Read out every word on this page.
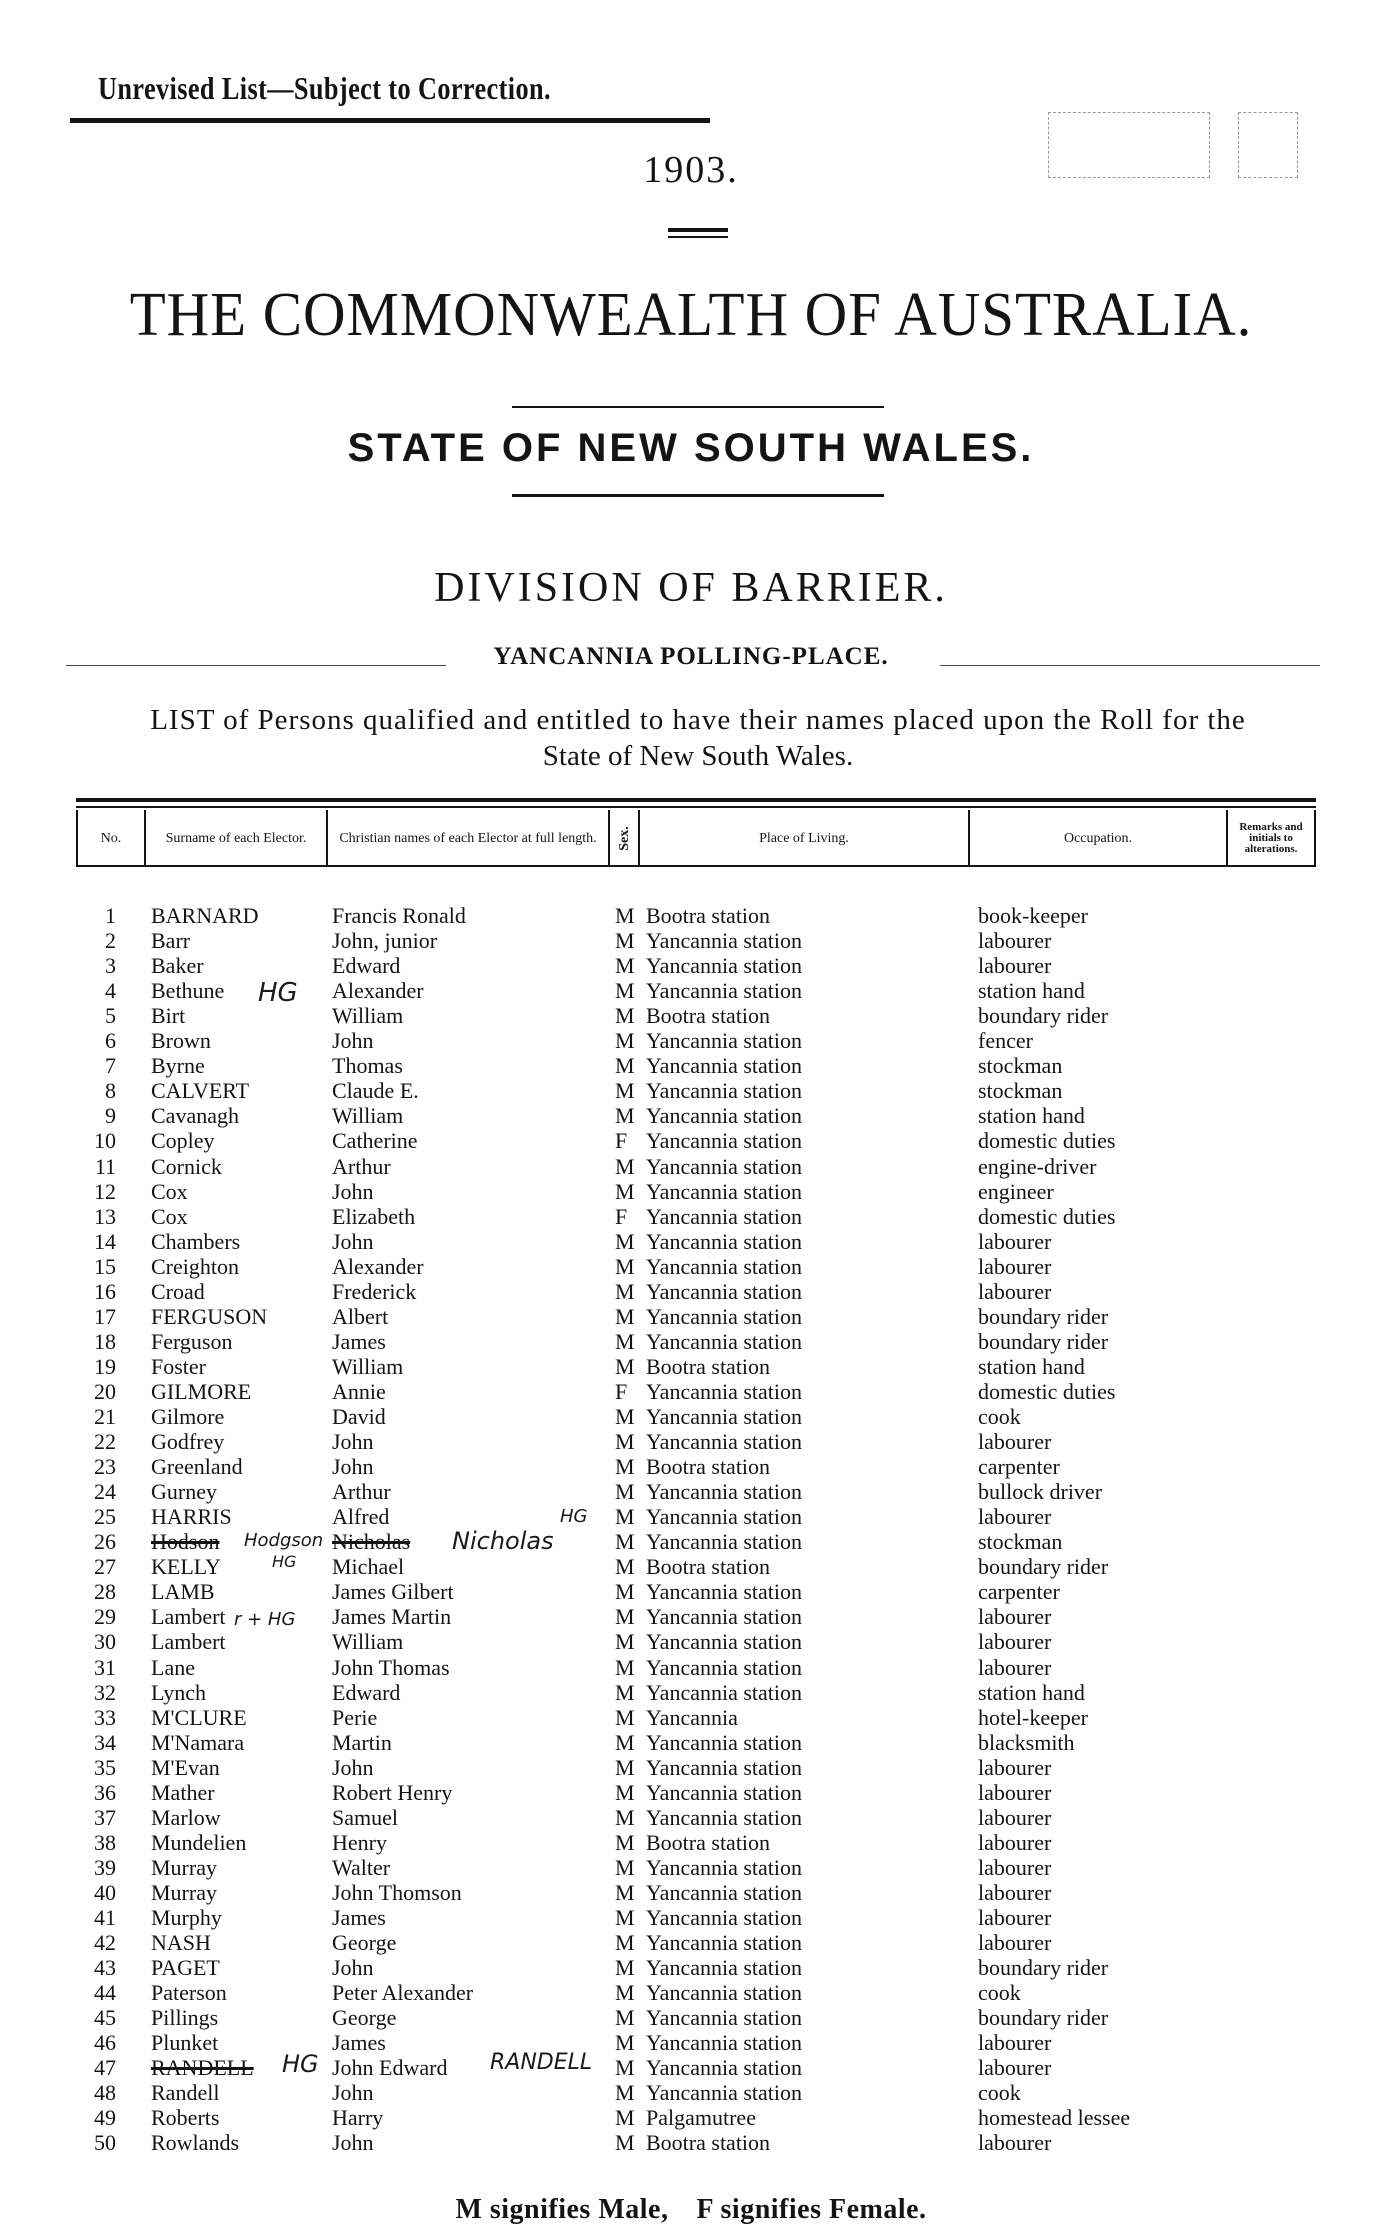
Unrevised List—Subject to Correction.
1903.
THE COMMONWEALTH OF AUSTRALIA.
STATE OF NEW SOUTH WALES.
DIVISION OF BARRIER.
YANCANNIA POLLING-PLACE.
LIST of Persons qualified and entitled to have their names placed upon the Roll for the
State of New South Wales.
No.	Surname of each Elector.	Christian names of each Elector at full length.	Sex.	Place of Living.	Occupation.
Remarks and initials to alterations.
1 BARNARD	Francis Ronald	M Bootra station	book-keeper
2 Barr	John, junior	M Yancannia station	labourer
3 Baker	Edward	M Yancannia station	labourer
4 Bethune	Alexander	M Yancannia station	station hand
5 Birt	William	M Bootra station	boundary rider
6 Brown	John	M Yancannia station	fencer
7 Byrne	Thomas	M Yancannia station	stockman
8 CALVERT	Claude E.	M Yancannia station	stockman
9 Cavanagh	William	M Yancannia station	station hand
10 Copley	Catherine	F Yancannia station	domestic duties
11 Cornick	Arthur	M Yancannia station	engine-driver
12 Cox	John	M Yancannia station	engineer
13 Cox	Elizabeth	F Yancannia station	domestic duties
14 Chambers	John	M Yancannia station	labourer
15 Creighton	Alexander	M Yancannia station	labourer
16 Croad	Frederick	M Yancannia station	labourer
17 FERGUSON	Albert	M Yancannia station	boundary rider
18 Ferguson	James	M Yancannia station	boundary rider
19 Foster	William	M Bootra station	station hand
20 GILMORE	Annie	F Yancannia station	domestic duties
21 Gilmore	David	M Yancannia station	cook
22 Godfrey	John	M Yancannia station	labourer
23 Greenland	John	M Bootra station	carpenter
24 Gurney	Arthur	M Yancannia station	bullock driver
25 HARRIS	Alfred	M Yancannia station	labourer
26 Hodson	Nicholas	M Yancannia station	stockman
27 KELLY	Michael	M Bootra station	boundary rider
28 LAMB	James Gilbert	M Yancannia station	carpenter
29 Lambert	James Martin	M Yancannia station	labourer
30 Lambert	William	M Yancannia station	labourer
31 Lane	John Thomas	M Yancannia station	labourer
32 Lynch	Edward	M Yancannia station	station hand
33 M'CLURE	Perie	M Yancannia	hotel-keeper
34 M'Namara	Martin	M Yancannia station	blacksmith
35 M'Evan	John	M Yancannia station	labourer
36 Mather	Robert Henry	M Yancannia station	labourer
37 Marlow	Samuel	M Yancannia station	labourer
38 Mundelien	Henry	M Bootra station	labourer
39 Murray	Walter	M Yancannia station	labourer
40 Murray	John Thomson	M Yancannia station	labourer
41 Murphy	James	M Yancannia station	labourer
42 NASH	George	M Yancannia station	labourer
43 PAGET	John	M Yancannia station	boundary rider
44 Paterson	Peter Alexander	M Yancannia station	cook
45 Pillings	George	M Yancannia station	boundary rider
46 Plunket	James	M Yancannia station	labourer
47 RANDELL	John Edward	M Yancannia station	labourer
48 Randell	John	M Yancannia station	cook
49 Roberts	Harry	M Palgamutree	homestead lessee
50 Rowlands	John	M Bootra station	labourer
HG
HG
Hodgson
HG
Nicholas
r + HG
HG	RANDELL
M signifies Male, F signifies Female.
